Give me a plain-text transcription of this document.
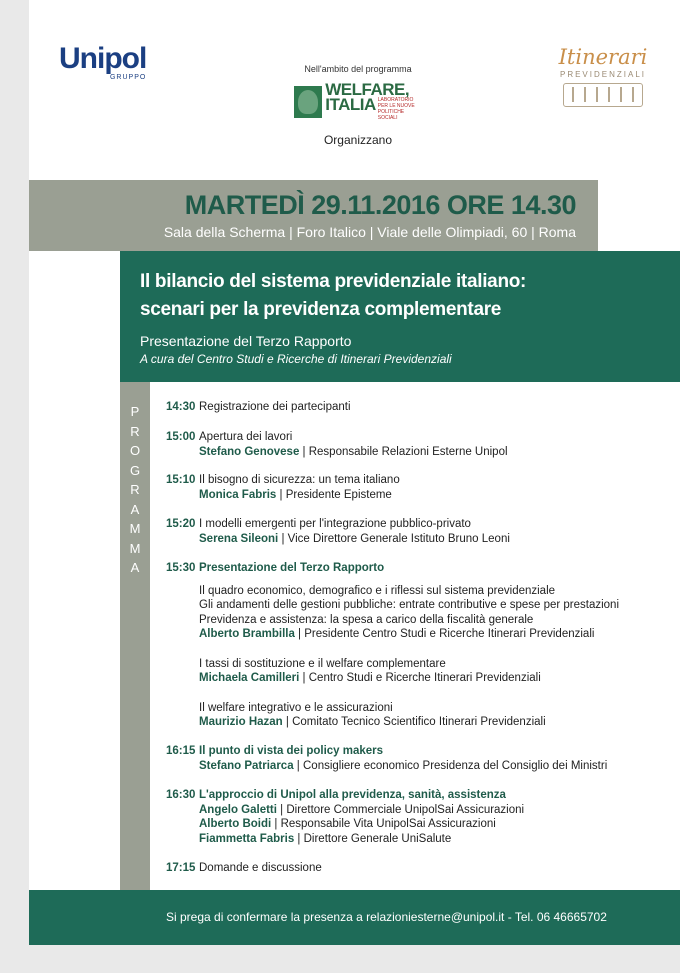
Unipol
GRUPPO
Nell'ambito del programma
WELFARE,
ITALIA LABORATORIO PER LE NUOVE POLITICHE SOCIALI
Organizzano
Itinerari
PREVIDENZIALI
MARTEDÌ 29.11.2016 ORE 14.30
Sala della Scherma | Foro Italico | Viale delle Olimpiadi, 60 | Roma
Il bilancio del sistema previdenziale italiano:
scenari per la previdenza complementare
Presentazione del Terzo Rapporto
A cura del Centro Studi e Ricerche di Itinerari Previdenziali
P
R
O
G
R
A
M
M
A
14:30 Registrazione dei partecipanti
15:00 Apertura dei lavori
Stefano Genovese | Responsabile Relazioni Esterne Unipol
15:10 Il bisogno di sicurezza: un tema italiano
Monica Fabris | Presidente Episteme
15:20 I modelli emergenti per l'integrazione pubblico-privato
Serena Sileoni | Vice Direttore Generale Istituto Bruno Leoni
15:30 Presentazione del Terzo Rapporto
Il quadro economico, demografico e i riflessi sul sistema previdenziale
Gli andamenti delle gestioni pubbliche: entrate contributive e spese per prestazioni
Previdenza e assistenza: la spesa a carico della fiscalità generale
Alberto Brambilla | Presidente Centro Studi e Ricerche Itinerari Previdenziali
I tassi di sostituzione e il welfare complementare
Michaela Camilleri | Centro Studi e Ricerche Itinerari Previdenziali
Il welfare integrativo e le assicurazioni
Maurizio Hazan | Comitato Tecnico Scientifico Itinerari Previdenziali
16:15 Il punto di vista dei policy makers
Stefano Patriarca | Consigliere economico Presidenza del Consiglio dei Ministri
16:30 L'approccio di Unipol alla previdenza, sanità, assistenza
Angelo Galetti | Direttore Commerciale UnipolSai Assicurazioni
Alberto Boidi | Responsabile Vita UnipolSai Assicurazioni
Fiammetta Fabris | Direttore Generale UniSalute
17:15 Domande e discussione
Si prega di confermare la presenza a relazioniesterne@unipol.it - Tel. 06 46665702
